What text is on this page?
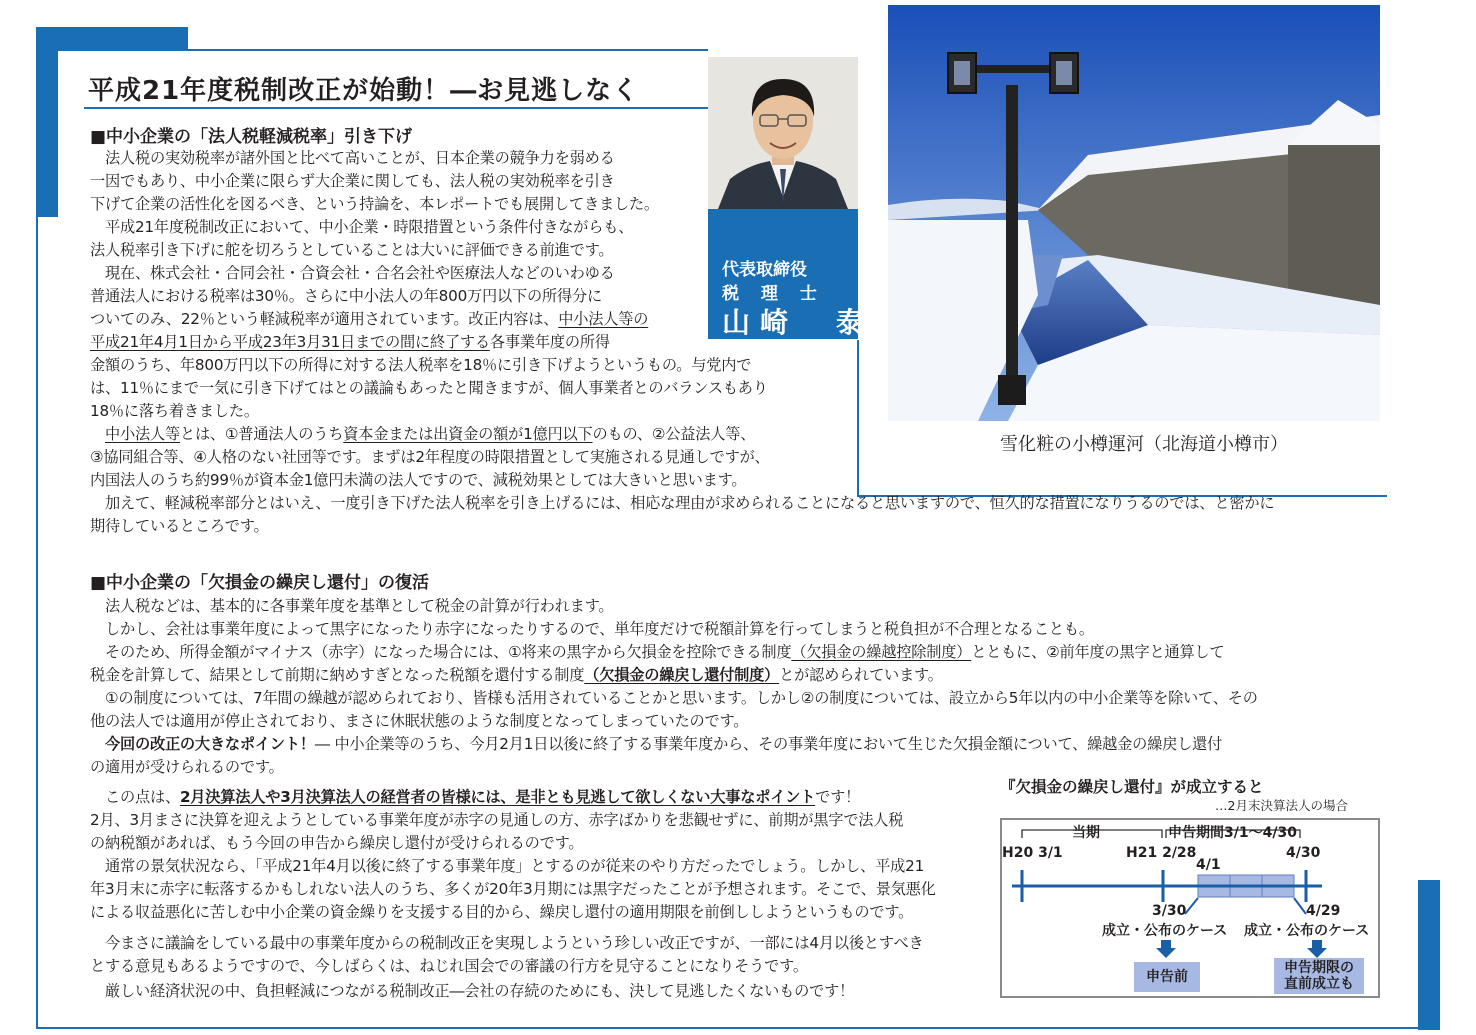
平成21年度税制改正が始動！―お見逃しなく
代表取締役
税 理 士
山崎　泰
雪化粧の小樽運河（北海道小樽市）
■中小企業の「法人税軽減税率」引き下げ
　法人税の実効税率が諸外国と比べて高いことが、日本企業の競争力を弱める
一因でもあり、中小企業に限らず大企業に関しても、法人税の実効税率を引き
下げて企業の活性化を図るべき、という持論を、本レポートでも展開してきました。
　平成21年度税制改正において、中小企業・時限措置という条件付きながらも、
法人税率引き下げに舵を切ろうとしていることは大いに評価できる前進です。
　現在、株式会社・合同会社・合資会社・合名会社や医療法人などのいわゆる
普通法人における税率は30％。さらに中小法人の年800万円以下の所得分に
ついてのみ、22％という軽減税率が適用されています。改正内容は、中小法人等の
平成21年4月1日から平成23年3月31日までの間に終了する各事業年度の所得
金額のうち、年800万円以下の所得に対する法人税率を18％に引き下げようというもの。与党内で
は、11％にまで一気に引き下げてはとの議論もあったと聞きますが、個人事業者とのバランスもあり
18％に落ち着きました。
　中小法人等とは、①普通法人のうち資本金または出資金の額が1億円以下のもの、②公益法人等、
③協同組合等、④人格のない社団等です。まずは2年程度の時限措置として実施される見通しですが、
内国法人のうち約99％が資本金1億円未満の法人ですので、減税効果としては大きいと思います。
　加えて、軽減税率部分とはいえ、一度引き下げた法人税率を引き上げるには、相応な理由が求められることになると思いますので、恒久的な措置になりうるのでは、と密かに
期待しているところです。
■中小企業の「欠損金の繰戻し還付」の復活
　法人税などは、基本的に各事業年度を基準として税金の計算が行われます。
　しかし、会社は事業年度によって黒字になったり赤字になったりするので、単年度だけで税額計算を行ってしまうと税負担が不合理となることも。
　そのため、所得金額がマイナス（赤字）になった場合には、①将来の黒字から欠損金を控除できる制度（欠損金の繰越控除制度）とともに、②前年度の黒字と通算して
税金を計算して、結果として前期に納めすぎとなった税額を還付する制度（欠損金の繰戻し還付制度）とが認められています。
　①の制度については、7年間の繰越が認められており、皆様も活用されていることかと思います。しかし②の制度については、設立から5年以内の中小企業等を除いて、その
他の法人では適用が停止されており、まさに休眠状態のような制度となってしまっていたのです。
　今回の改正の大きなポイント！― 中小企業等のうち、今月2月1日以後に終了する事業年度から、その事業年度において生じた欠損金額について、繰越金の繰戻し還付
の適用が受けられるのです。
　この点は、2月決算法人や3月決算法人の経営者の皆様には、是非とも見逃して欲しくない大事なポイントです！
2月、3月まさに決算を迎えようとしている事業年度が赤字の見通しの方、赤字ばかりを悲観せずに、前期が黒字で法人税
の納税額があれば、もう今回の申告から繰戻し還付が受けられるのです。
　通常の景気状況なら、「平成21年4月以後に終了する事業年度」とするのが従来のやり方だったでしょう。しかし、平成21
年3月末に赤字に転落するかもしれない法人のうち、多くが20年3月期には黒字だったことが予想されます。そこで、景気悪化
による収益悪化に苦しむ中小企業の資金繰りを支援する目的から、繰戻し還付の適用期限を前倒ししようというものです。
　今まさに議論をしている最中の事業年度からの税制改正を実現しようという珍しい改正ですが、一部には4月以後とすべき
とする意見もあるようですので、今しばらくは、ねじれ国会での審議の行方を見守ることになりそうです。
　厳しい経済状況の中、負担軽減につながる税制改正―会社の存続のためにも、決して見逃したくないものです！
『欠損金の繰戻し還付』が成立すると
…2月末決算法人の場合
当期	申告期間3/1〜4/30
H20 3/1	H21 2/28
4/1
4/30
3/30	4/29
成立・公布のケース 成立・公布のケース
申告前
申告期限の
直前成立も
